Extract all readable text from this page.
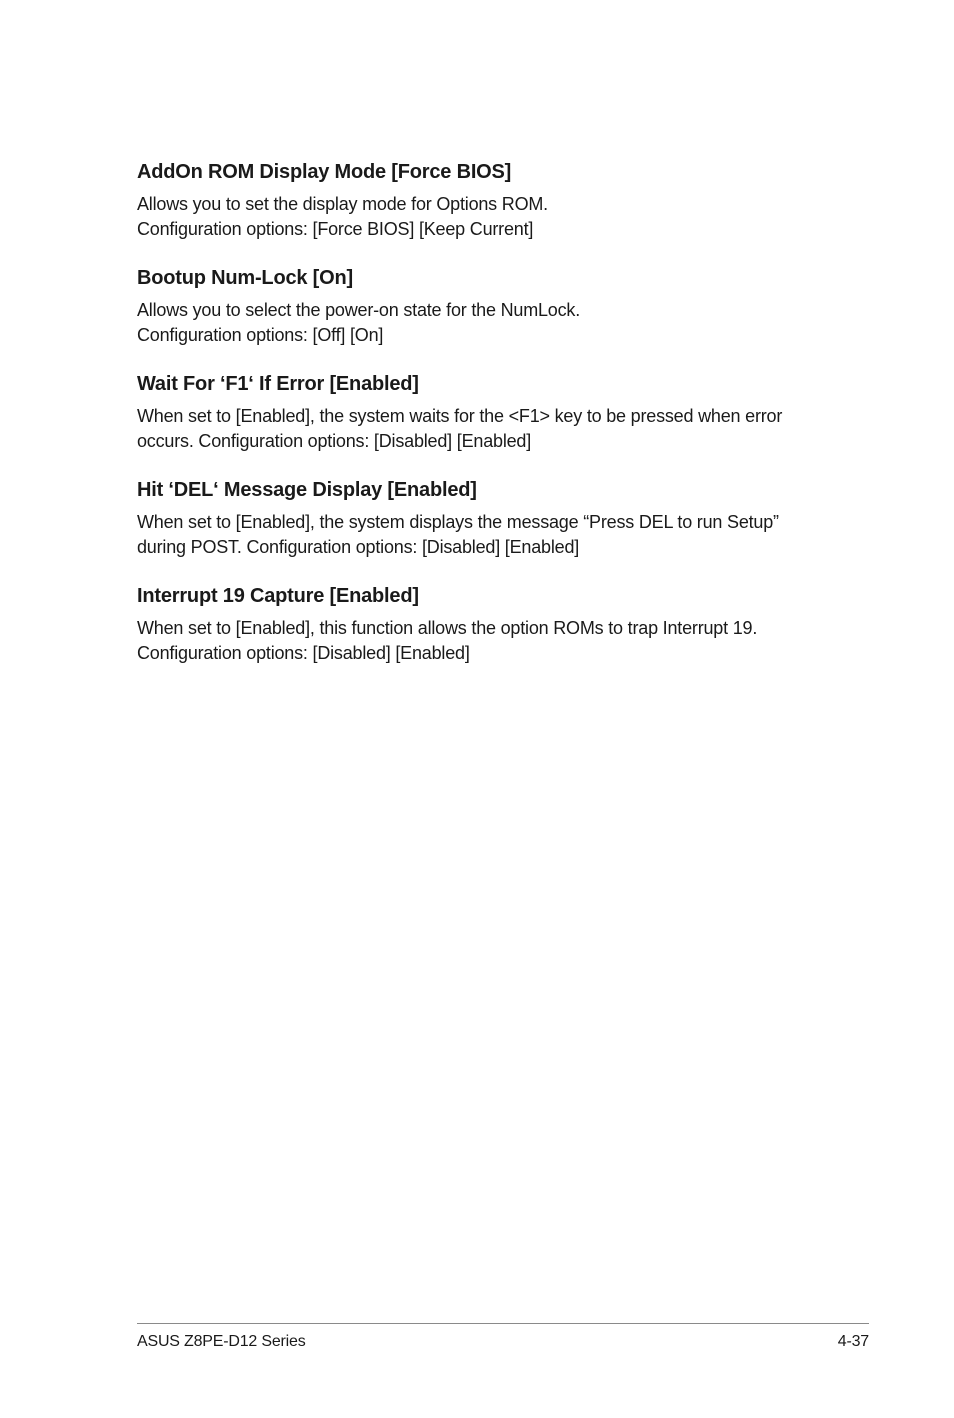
AddOn ROM Display Mode [Force BIOS]

Allows you to set the display mode for Options ROM.
Configuration options: [Force BIOS] [Keep Current]

Bootup Num-Lock [On]

Allows you to select the power-on state for the NumLock.
Configuration options: [Off] [On]

Wait For ‘F1‘ If Error [Enabled]

When set to [Enabled], the system waits for the <F1> key to be pressed when error
occurs. Configuration options: [Disabled] [Enabled]

Hit ‘DEL‘ Message Display [Enabled]

When set to [Enabled], the system displays the message “Press DEL to run Setup”
during POST. Configuration options: [Disabled] [Enabled]

Interrupt 19 Capture [Enabled]

When set to [Enabled], this function allows the option ROMs to trap Interrupt 19.
Configuration options: [Disabled] [Enabled]

ASUS Z8PE-D12 Series	4-37
